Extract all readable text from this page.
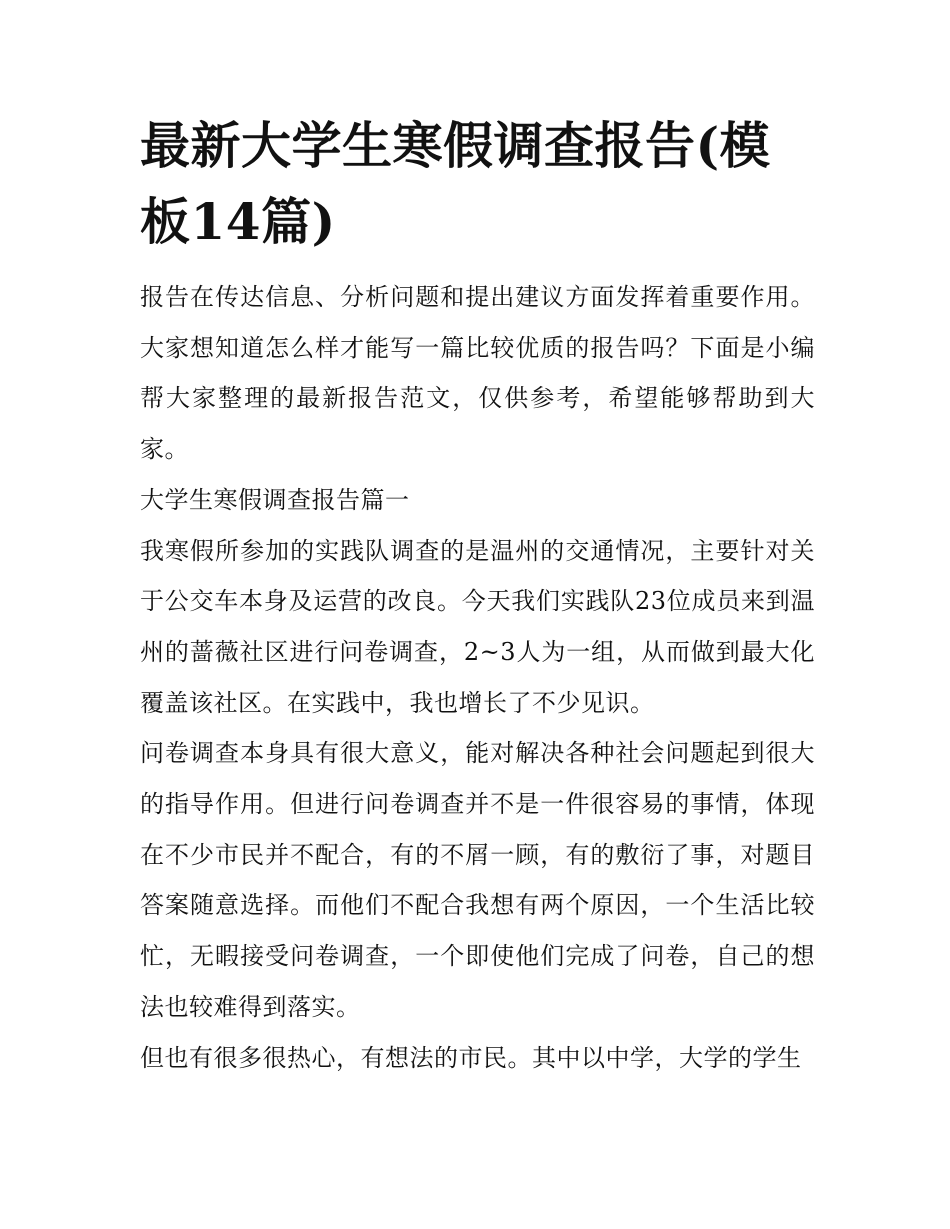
最新大学生寒假调查报告(模板14篇)

报告在传达信息、分析问题和提出建议方面发挥着重要作用。大家想知道怎么样才能写一篇比较优质的报告吗？下面是小编帮大家整理的最新报告范文，仅供参考，希望能够帮助到大家。

大学生寒假调查报告篇一

我寒假所参加的实践队调查的是温州的交通情况，主要针对关于公交车本身及运营的改良。今天我们实践队23位成员来到温州的蔷薇社区进行问卷调查，2~3人为一组，从而做到最大化覆盖该社区。在实践中，我也增长了不少见识。

问卷调查本身具有很大意义，能对解决各种社会问题起到很大的指导作用。但进行问卷调查并不是一件很容易的事情，体现在不少市民并不配合，有的不屑一顾，有的敷衍了事，对题目答案随意选择。而他们不配合我想有两个原因，一个生活比较忙，无暇接受问卷调查，一个即使他们完成了问卷，自己的想法也较难得到落实。

但也有很多很热心，有想法的市民。其中以中学，大学的学生
